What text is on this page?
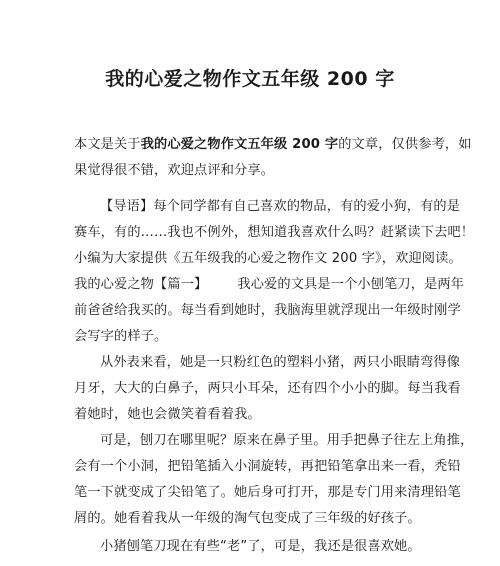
我的心爱之物作文五年级 200 字
本文是关于我的心爱之物作文五年级 200 字的文章，仅供参考，如
果觉得很不错，欢迎点评和分享。
【导语】每个同学都有自己喜欢的物品，有的爱小狗，有的是
赛车，有的……我也不例外，想知道我喜欢什么吗？赶紧读下去吧！
小编为大家提供《五年级我的心爱之物作文 200 字》，欢迎阅读。
我的心爱之物【篇一】 我心爱的文具是一个小刨笔刀，是两年
前爸爸给我买的。每当看到她时，我脑海里就浮现出一年级时刚学
会写字的样子。
从外表来看，她是一只粉红色的塑料小猪，两只小眼睛弯得像
月牙，大大的白鼻子，两只小耳朵，还有四个小小的脚。每当我看
着她时，她也会微笑着看着我。
可是，刨刀在哪里呢？原来在鼻子里。用手把鼻子往左上角推，
会有一个小洞，把铅笔插入小洞旋转，再把铅笔拿出来一看，秃铅
笔一下就变成了尖铅笔了。她后身可打开，那是专门用来清理铅笔
屑的。她看着我从一年级的淘气包变成了三年级的好孩子。
小猪刨笔刀现在有些“老”了，可是，我还是很喜欢她。
